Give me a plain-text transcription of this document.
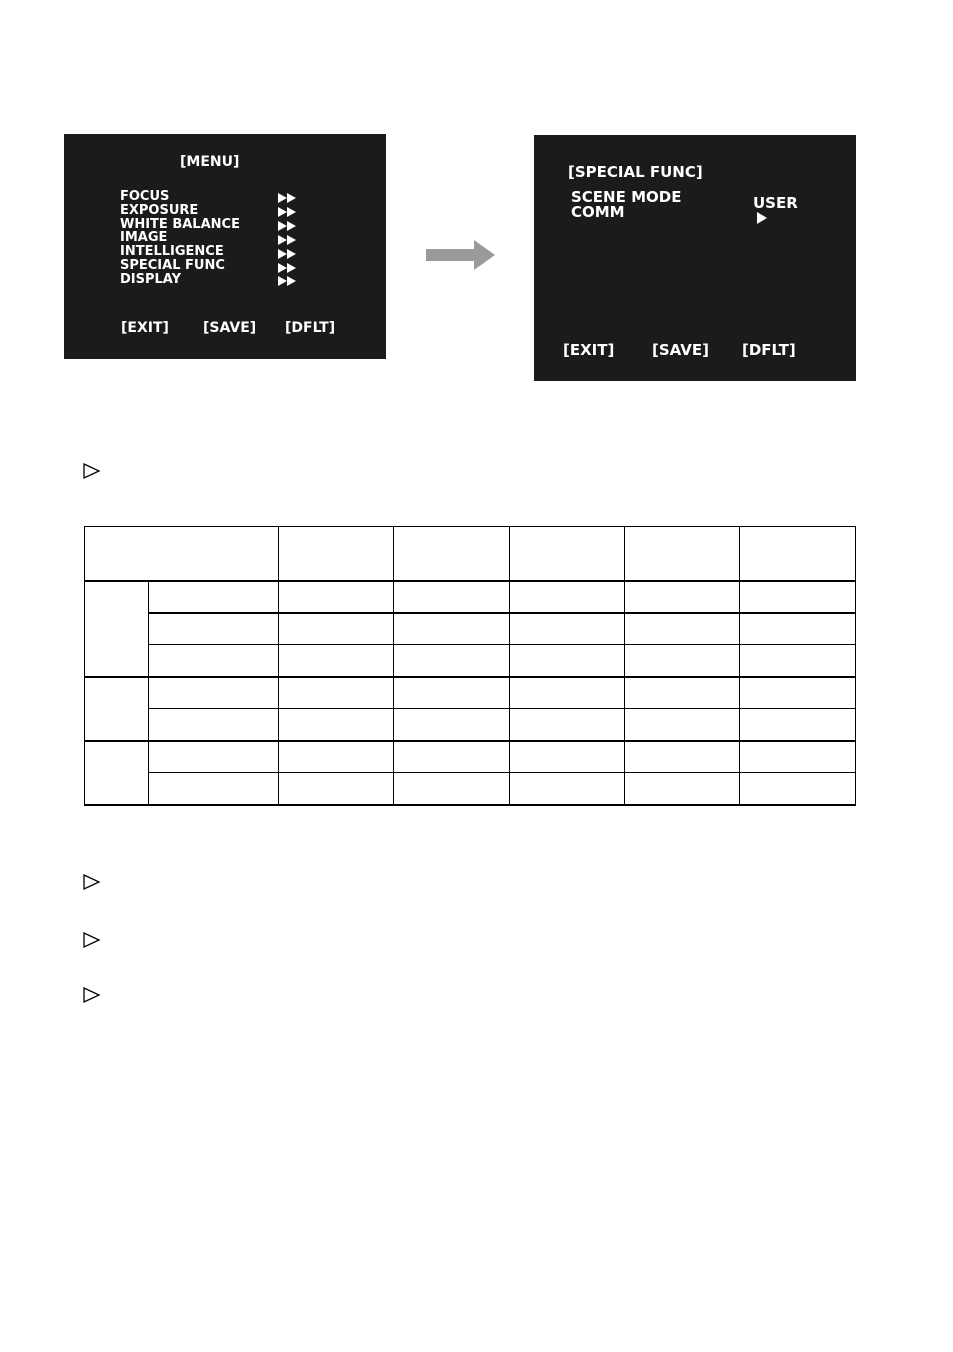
[MENU]
FOCUS
EXPOSURE
WHITE BALANCE
IMAGE
INTELLIGENCE
SPECIAL FUNC
DISPLAY
[EXIT] [SAVE] [DFLT]
[SPECIAL FUNC]
SCENE MODE
COMM	USER
[EXIT]	[SAVE] [DFLT]
